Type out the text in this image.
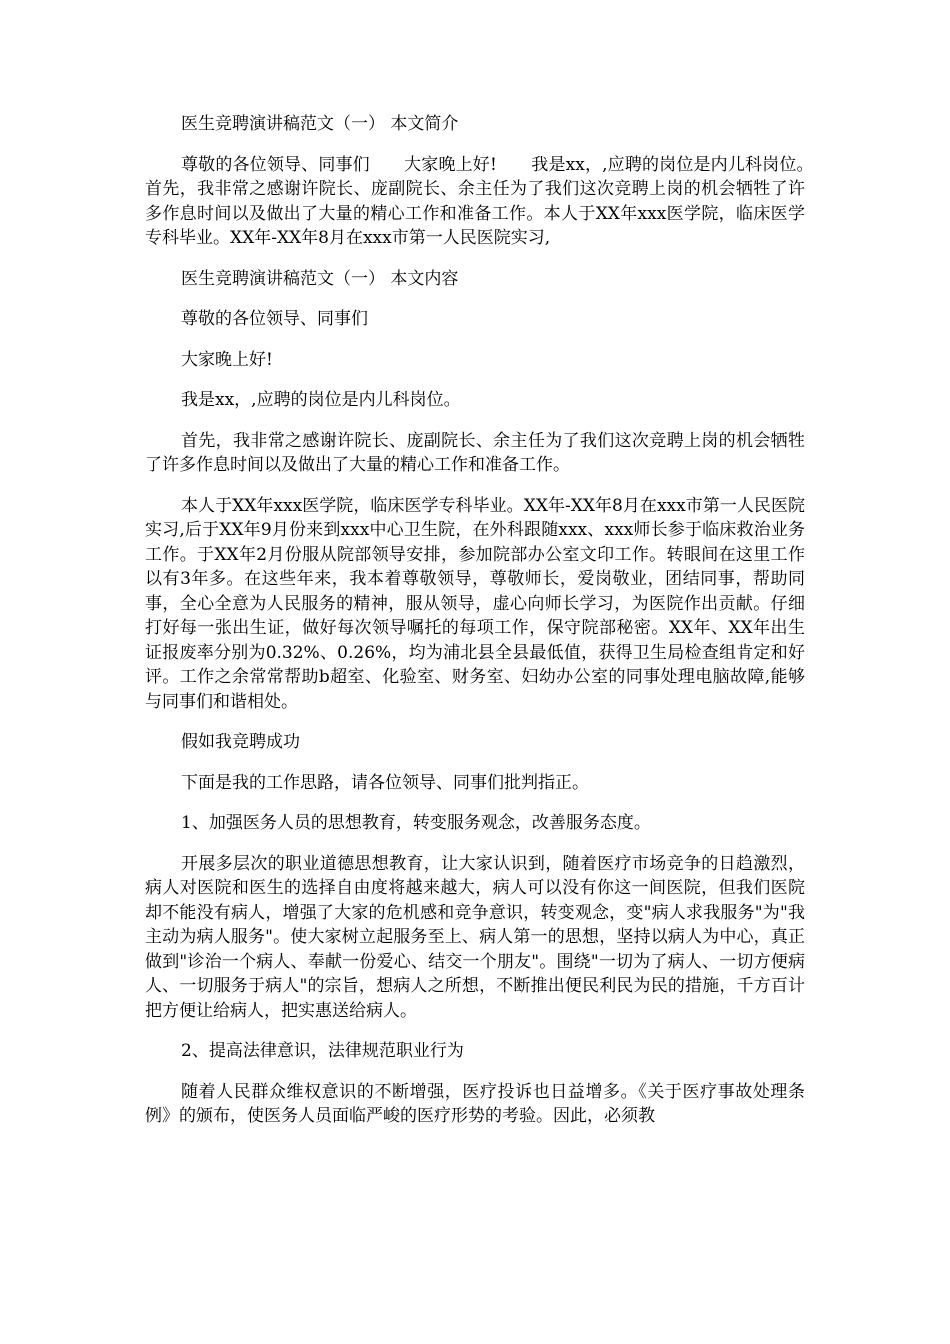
医生竞聘演讲稿范文（一） 本文简介

尊敬的各位领导、同事们　　大家晚上好!　　我是xx，,应聘的岗位是内儿科岗位。　　首先，我非常之感谢许院长、庞副院长、余主任为了我们这次竞聘上岗的机会牺牲了许多作息时间以及做出了大量的精心工作和准备工作。本人于XX年xxx医学院，临床医学专科毕业。XX年-XX年8月在xxx市第一人民医院实习,

医生竞聘演讲稿范文（一） 本文内容

尊敬的各位领导、同事们

大家晚上好!

我是xx，,应聘的岗位是内儿科岗位。

首先，我非常之感谢许院长、庞副院长、余主任为了我们这次竞聘上岗的机会牺牲了许多作息时间以及做出了大量的精心工作和准备工作。

本人于XX年xxx医学院，临床医学专科毕业。XX年-XX年8月在xxx市第一人民医院实习,后于XX年9月份来到xxx中心卫生院，在外科跟随xxx、xxx师长参于临床救治业务工作。于XX年2月份服从院部领导安排，参加院部办公室文印工作。转眼间在这里工作以有3年多。在这些年来，我本着尊敬领导，尊敬师长，爱岗敬业，团结同事，帮助同事，全心全意为人民服务的精神，服从领导，虚心向师长学习，为医院作出贡献。仔细打好每一张出生证，做好每次领导嘱托的每项工作，保守院部秘密。XX年、XX年出生证报废率分别为0.32%、0.26%，均为浦北县全县最低值，获得卫生局检查组肯定和好评。工作之余常常帮助b超室、化验室、财务室、妇幼办公室的同事处理电脑故障,能够与同事们和谐相处。

假如我竞聘成功

下面是我的工作思路，请各位领导、同事们批判指正。

1、加强医务人员的思想教育，转变服务观念，改善服务态度。

开展多层次的职业道德思想教育，让大家认识到，随着医疗市场竞争的日趋激烈，病人对医院和医生的选择自由度将越来越大，病人可以没有你这一间医院，但我们医院却不能没有病人，增强了大家的危机感和竞争意识，转变观念，变"病人求我服务"为"我主动为病人服务"。使大家树立起服务至上、病人第一的思想，坚持以病人为中心，真正做到"诊治一个病人、奉献一份爱心、结交一个朋友"。围绕"一切为了病人、一切方便病人、一切服务于病人"的宗旨，想病人之所想，不断推出便民利民为民的措施，千方百计把方便让给病人，把实惠送给病人。

2、提高法律意识，法律规范职业行为

随着人民群众维权意识的不断增强，医疗投诉也日益增多。《关于医疗事故处理条例》的颁布，使医务人员面临严峻的医疗形势的考验。因此，必须教
